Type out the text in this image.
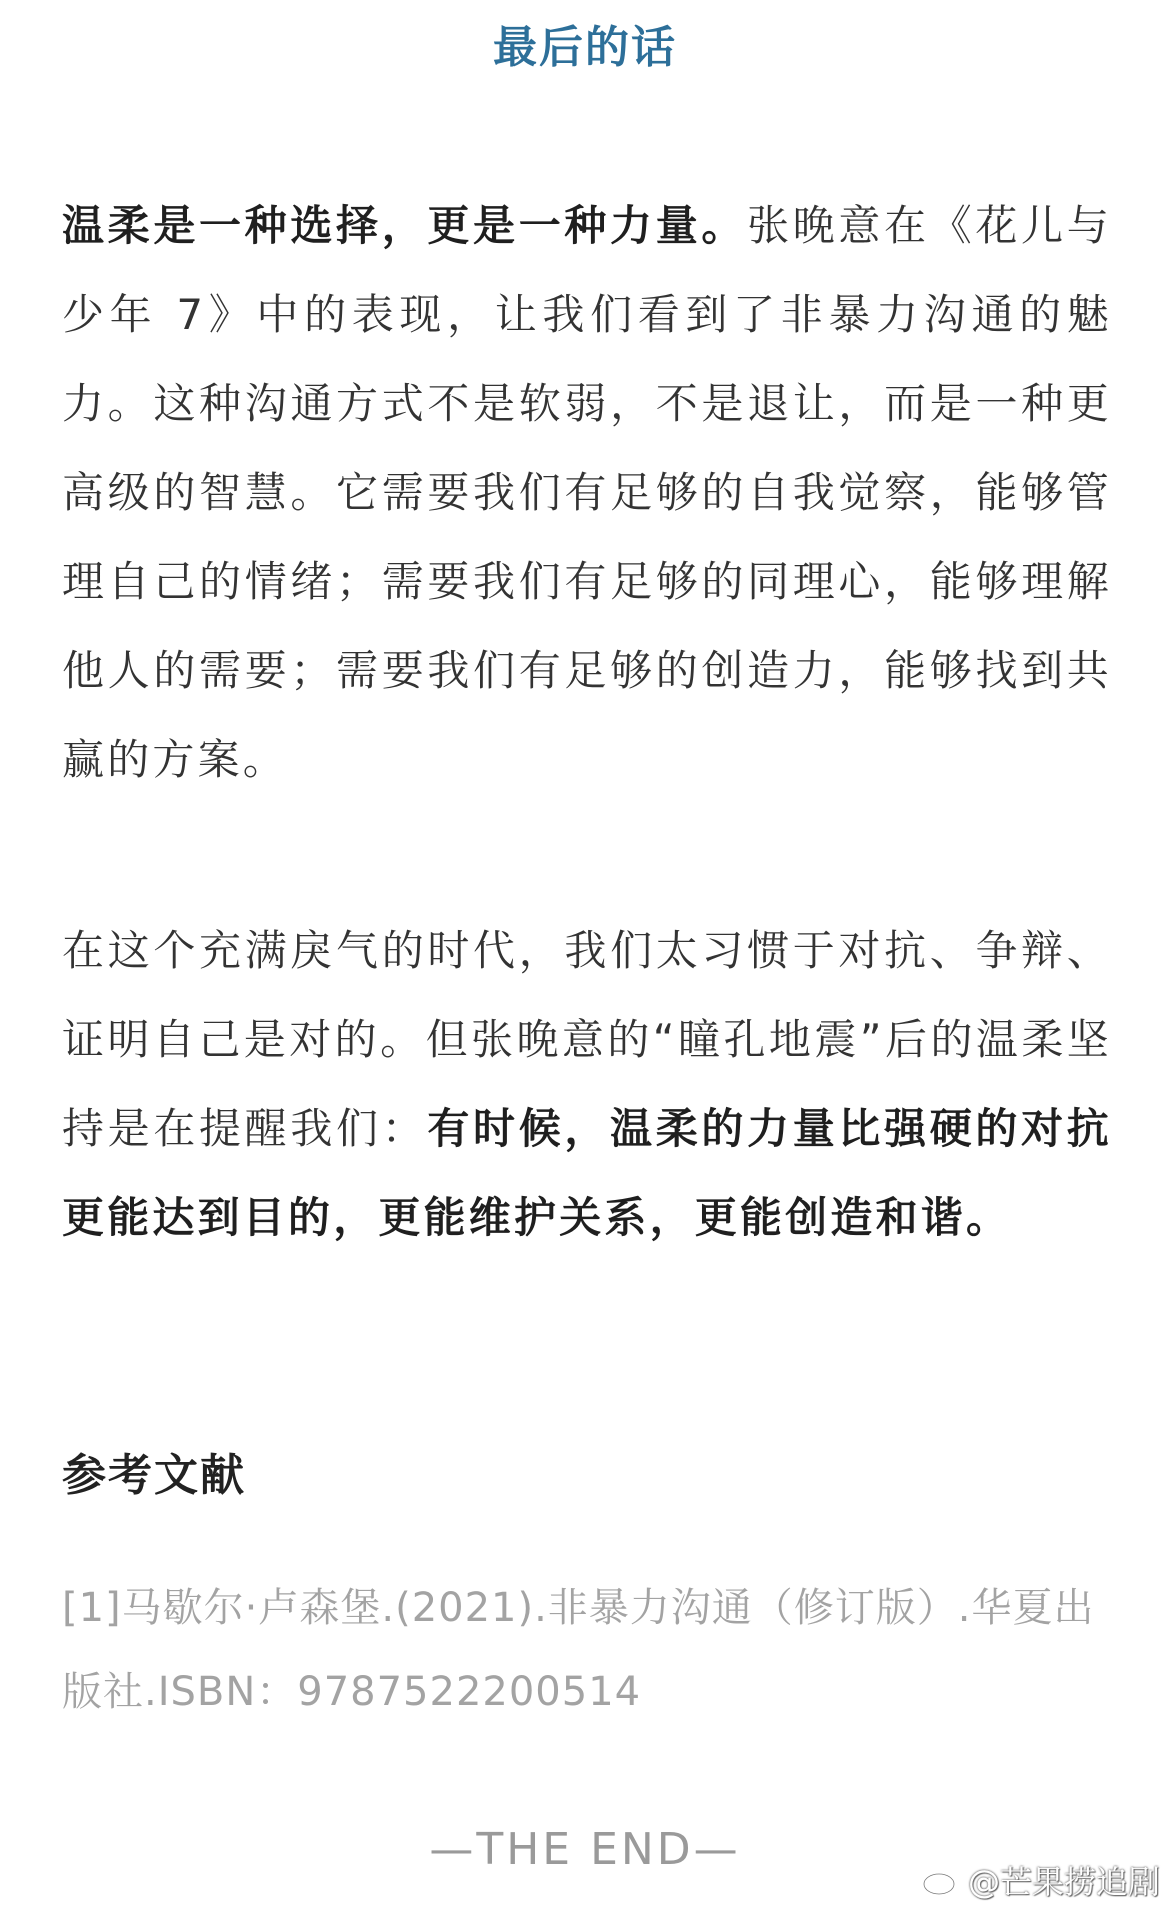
最后的话

温柔是一种选择，更是一种力量。张晚意在《花儿与少年 7》中的表现，让我们看到了非暴力沟通的魅力。这种沟通方式不是软弱，不是退让，而是一种更高级的智慧。它需要我们有足够的自我觉察，能够管理自己的情绪；需要我们有足够的同理心，能够理解他人的需要；需要我们有足够的创造力，能够找到共赢的方案。

在这个充满戾气的时代，我们太习惯于对抗、争辩、证明自己是对的。但张晚意的“瞳孔地震”后的温柔坚持是在提醒我们：有时候，温柔的力量比强硬的对抗更能达到目的，更能维护关系，更能创造和谐。

参考文献
[1]马歇尔·卢森堡.(2021).非暴力沟通（修订版）.华夏出版社.ISBN：9787522200514
—THE END—
@芒果捞追剧
